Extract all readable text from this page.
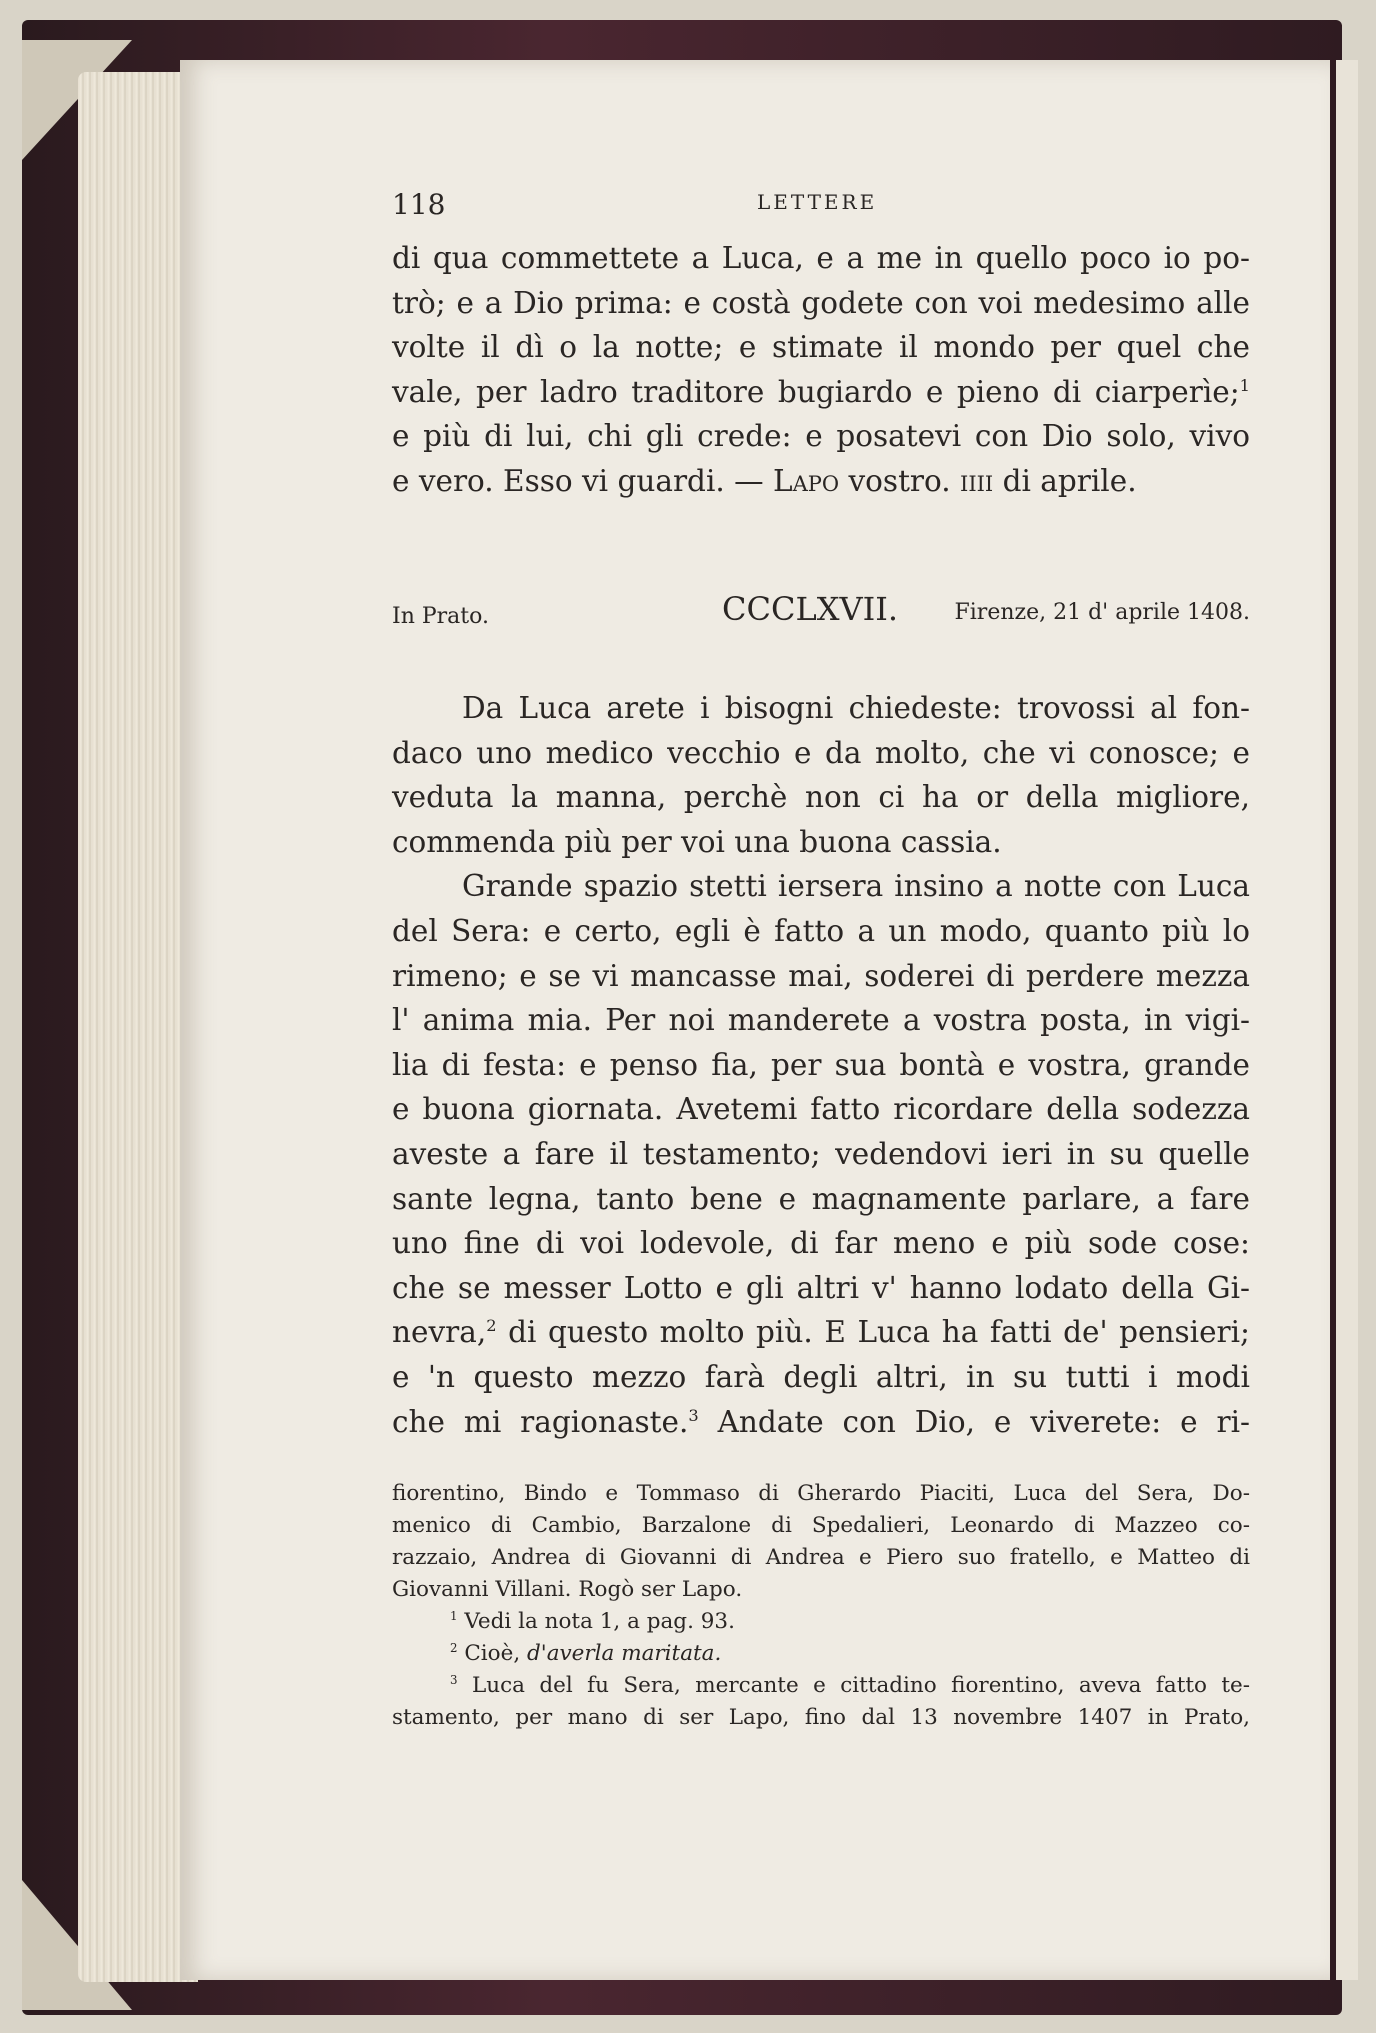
118	LETTERE
di qua commettete a Luca, e a me in quello poco io po-
trò; e a Dio prima: e costà godete con voi medesimo alle
volte il dì o la notte; e stimate il mondo per quel che
vale, per ladro traditore bugiardo e pieno di ciarperìe;$^1$
e più di lui, chi gli crede: e posatevi con Dio solo, vivo
e vero. Esso vi guardi. — Lapo vostro. iiii di aprile.
In Prato.	CCCLXVII.	Firenze, 21 d' aprile 1408.
Da Luca arete i bisogni chiedeste: trovossi al fon-
daco uno medico vecchio e da molto, che vi conosce; e
veduta la manna, perchè non ci ha or della migliore,
commenda più per voi una buona cassia.
Grande spazio stetti iersera insino a notte con Luca
del Sera: e certo, egli è fatto a un modo, quanto più lo
rimeno; e se vi mancasse mai, soderei di perdere mezza
l' anima mia. Per noi manderete a vostra posta, in vigi-
lia di festa: e penso fia, per sua bontà e vostra, grande
e buona giornata. Avetemi fatto ricordare della sodezza
aveste a fare il testamento; vedendovi ieri in su quelle
sante legna, tanto bene e magnamente parlare, a fare
uno fine di voi lodevole, di far meno e più sode cose:
che se messer Lotto e gli altri v' hanno lodato della Gi-
nevra,$^2$ di questo molto più. E Luca ha fatti de' pensieri;
e 'n questo mezzo farà degli altri, in su tutti i modi
che mi ragionaste.$^3$ Andate con Dio, e viverete: e ri-
fiorentino, Bindo e Tommaso di Gherardo Piaciti, Luca del Sera, Do-
menico di Cambio, Barzalone di Spedalieri, Leonardo di Mazzeo co-
razzaio, Andrea di Giovanni di Andrea e Piero suo fratello, e Matteo di
Giovanni Villani. Rogò ser Lapo.
$^1$ Vedi la nota 1, a pag. 93.
$^2$ Cioè, d'averla maritata.
$^3$ Luca del fu Sera, mercante e cittadino fiorentino, aveva fatto te-
stamento, per mano di ser Lapo, fino dal 13 novembre 1407 in Prato,
